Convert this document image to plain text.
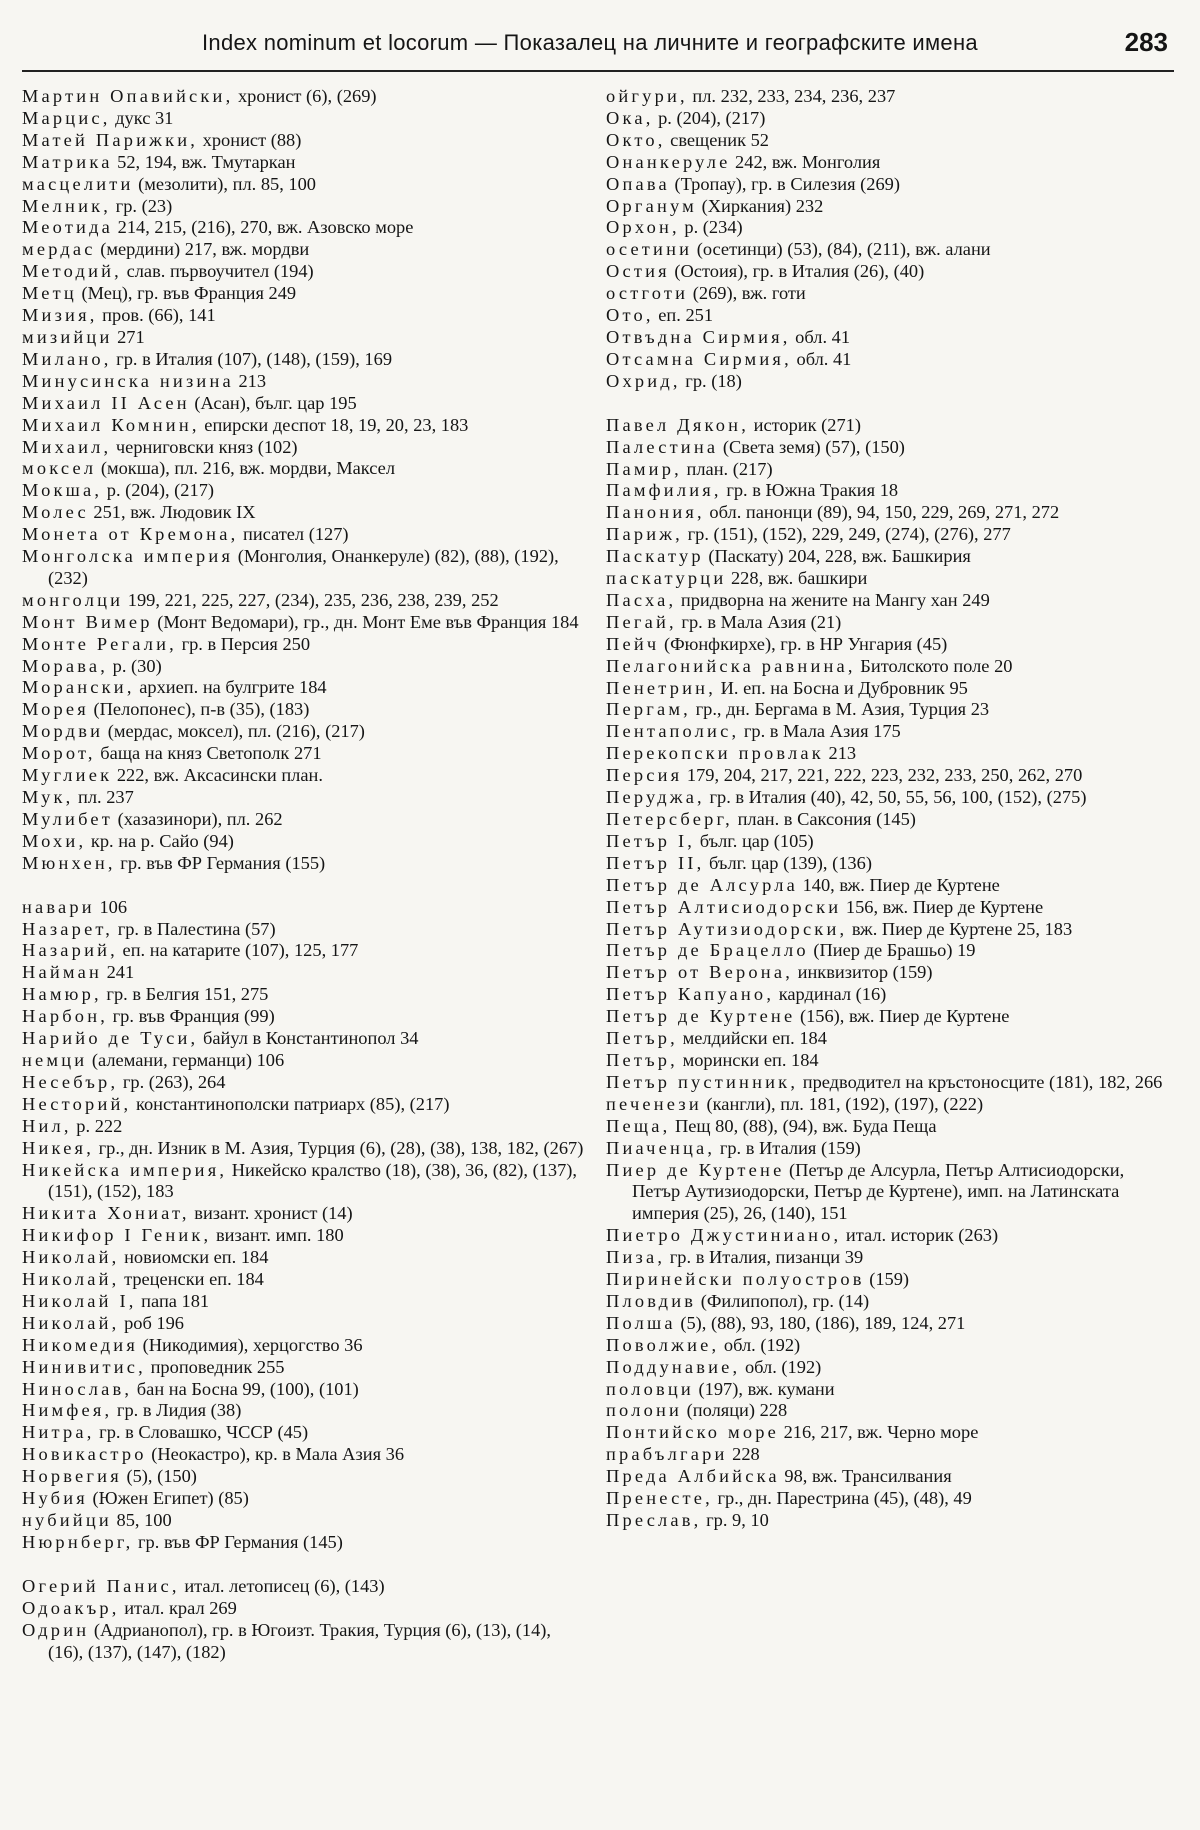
Index nominum et locorum — Показалец на личните и географските имена	283
Мартин Опавийски, хронист (6), (269)
Марцис, дукс 31
Матей Парижки, хронист (88)
Матрика 52, 194, вж. Тмутаркан
масцелити (мезолити), пл. 85, 100
Мелник, гр. (23)
Меотида 214, 215, (216), 270, вж. Азовско море
мердас (мердини) 217, вж. мордви
Методий, слав. първоучител (194)
Метц (Мец), гр. във Франция 249
Мизия, пров. (66), 141
мизийци 271
Милано, гр. в Италия (107), (148), (159), 169
Минусинска низина 213
Михаил II Асен (Асан), бълг. цар 195
Михаил Комнин, епирски деспот 18, 19, 20, 23, 183
Михаил, черниговски княз (102)
моксел (мокша), пл. 216, вж. мордви, Максел
Мокша, р. (204), (217)
Молес 251, вж. Людовик IX
Монета от Кремона, писател (127)
Монголска империя (Монголия, Онанкеруле) (82), (88), (192), (232)
монголци 199, 221, 225, 227, (234), 235, 236, 238, 239, 252
Монт Вимер (Монт Ведомари), гр., дн. Монт Еме във Франция 184
Монте Регали, гр. в Персия 250
Морава, р. (30)
Морански, архиеп. на булгрите 184
Морея (Пелопонес), п-в (35), (183)
Мордви (мердас, моксел), пл. (216), (217)
Морот, баща на княз Светополк 271
Муглиек 222, вж. Аксасински план.
Мук, пл. 237
Мулибет (хазазинори), пл. 262
Мохи, кр. на р. Сайо (94)
Мюнхен, гр. във ФР Германия (155)
навари 106
Назарет, гр. в Палестина (57)
Назарий, еп. на катарите (107), 125, 177
Найман 241
Намюр, гр. в Белгия 151, 275
Нарбон, гр. във Франция (99)
Нарийо де Туси, байул в Константинопол 34
немци (алемани, германци) 106
Несебър, гр. (263), 264
Несторий, константинополски патриарх (85), (217)
Нил, р. 222
Никея, гр., дн. Изник в М. Азия, Турция (6), (28), (38), 138, 182, (267)
Никейска империя, Никейско кралство (18), (38), 36, (82), (137), (151), (152), 183
Никита Хониат, визант. хронист (14)
Никифор I Геник, визант. имп. 180
Николай, новиомски еп. 184
Николай, треценски еп. 184
Николай I, папа 181
Николай, роб 196
Никомедия (Никодимия), херцогство 36
Нинивитис, проповедник 255
Нинослав, бан на Босна 99, (100), (101)
Нимфея, гр. в Лидия (38)
Нитра, гр. в Словашко, ЧССР (45)
Новикастро (Неокастро), кр. в Мала Азия 36
Норвегия (5), (150)
Нубия (Южен Египет) (85)
нубийци 85, 100
Нюрнберг, гр. във ФР Германия (145)
Огерий Панис, итал. летописец (6), (143)
Одоакър, итал. крал 269
Одрин (Адрианопол), гр. в Югоизт. Тракия, Турция (6), (13), (14), (16), (137), (147), (182)
ойгури, пл. 232, 233, 234, 236, 237
Ока, р. (204), (217)
Окто, свещеник 52
Онанкеруле 242, вж. Монголия
Опава (Тропау), гр. в Силезия (269)
Органум (Хиркания) 232
Орхон, р. (234)
осетини (осетинци) (53), (84), (211), вж. алани
Остия (Остоия), гр. в Италия (26), (40)
остготи (269), вж. готи
Ото, еп. 251
Отвъдна Сирмия, обл. 41
Отсамна Сирмия, обл. 41
Охрид, гр. (18)
Павел Дякон, историк (271)
Палестина (Света земя) (57), (150)
Памир, план. (217)
Памфилия, гр. в Южна Тракия 18
Панония, обл. панонци (89), 94, 150, 229, 269, 271, 272
Париж, гр. (151), (152), 229, 249, (274), (276), 277
Паскатур (Паскату) 204, 228, вж. Башкирия
паскатурци 228, вж. башкири
Пасха, придворна на жените на Мангу хан 249
Пегай, гр. в Мала Азия (21)
Пейч (Фюнфкирхе), гр. в НР Унгария (45)
Пелагонийска равнина, Битолското поле 20
Пенетрин, И. еп. на Босна и Дубровник 95
Пергам, гр., дн. Бергама в М. Азия, Турция 23
Пентаполис, гр. в Мала Азия 175
Перекопски провлак 213
Персия 179, 204, 217, 221, 222, 223, 232, 233, 250, 262, 270
Перуджа, гр. в Италия (40), 42, 50, 55, 56, 100, (152), (275)
Петерсберг, план. в Саксония (145)
Петър I, бълг. цар (105)
Петър II, бълг. цар (139), (136)
Петър де Алсурла 140, вж. Пиер де Куртене
Петър Алтисиодорски 156, вж. Пиер де Куртене
Петър Аутизиодорски, вж. Пиер де Куртене 25, 183
Петър де Брацелло (Пиер де Брашьо) 19
Петър от Верона, инквизитор (159)
Петър Капуано, кардинал (16)
Петър де Куртене (156), вж. Пиер де Куртене
Петър, мелдийски еп. 184
Петър, морински еп. 184
Петър пустинник, предводител на кръстоносците (181), 182, 266
печенези (кангли), пл. 181, (192), (197), (222)
Пеща, Пещ 80, (88), (94), вж. Буда Пеща
Пиаченца, гр. в Италия (159)
Пиер де Куртене (Петър де Алсурла, Петър Алтисиодорски, Петър Аутизиодорски, Петър де Куртене), имп. на Латинската империя (25), 26, (140), 151
Пиетро Джустиниано, итал. историк (263)
Пиза, гр. в Италия, пизанци 39
Пиринейски полуостров (159)
Пловдив (Филипопол), гр. (14)
Полша (5), (88), 93, 180, (186), 189, 124, 271
Поволжие, обл. (192)
Поддунавие, обл. (192)
половци (197), вж. кумани
полони (поляци) 228
Понтийско море 216, 217, вж. Черно море
прабългари 228
Преда Албийска 98, вж. Трансилвания
Пренесте, гр., дн. Парестрина (45), (48), 49
Преслав, гр. 9, 10
